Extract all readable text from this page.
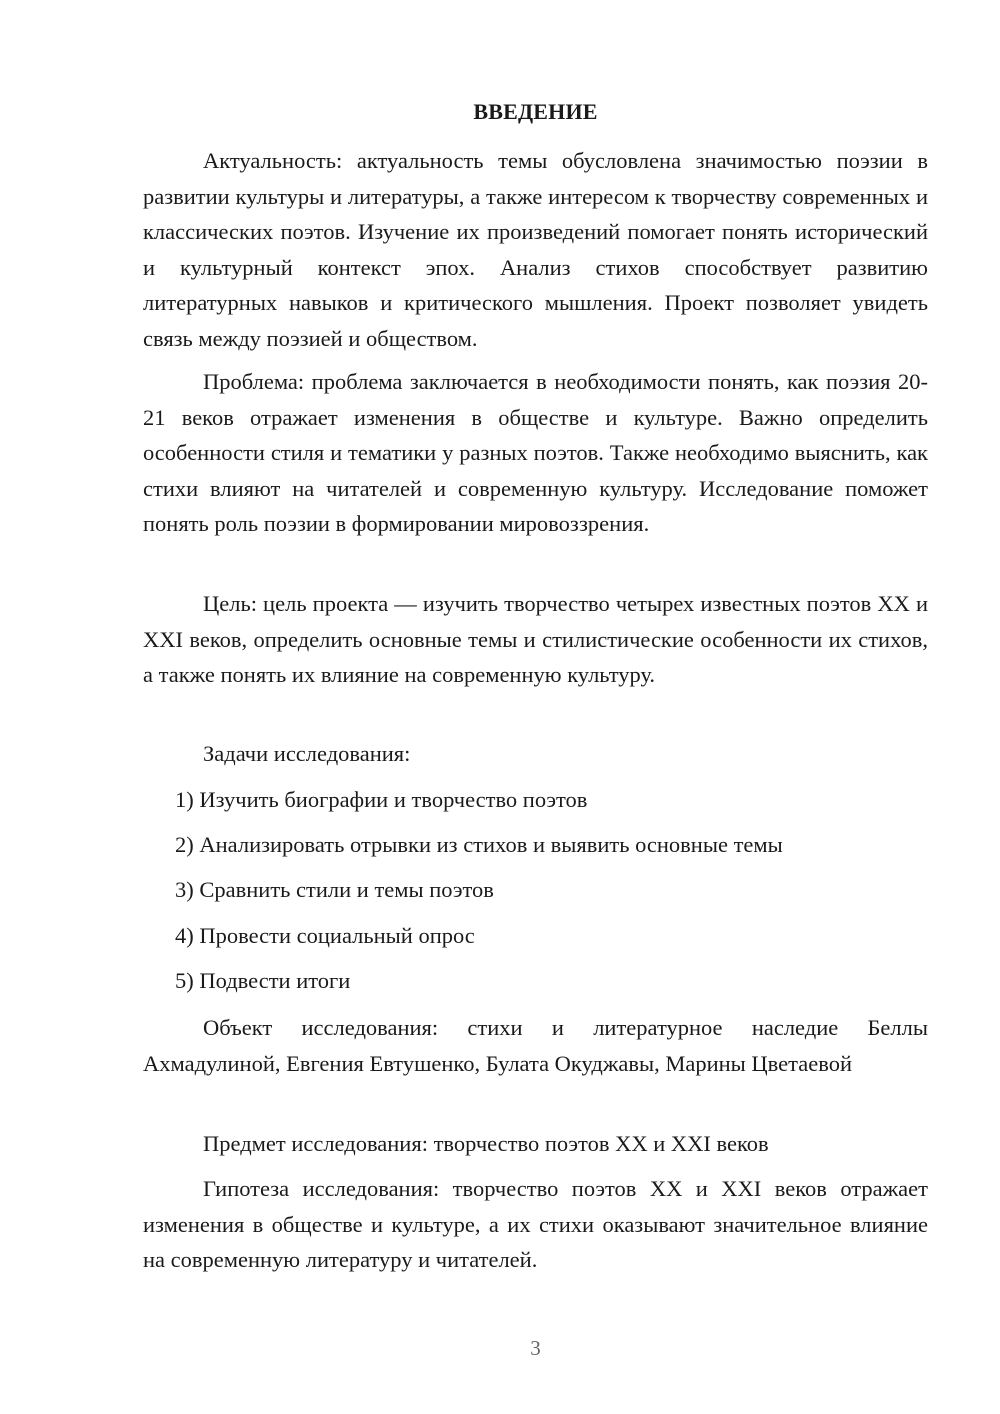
ВВЕДЕНИЕ

Актуальность: актуальность темы обусловлена значимостью поэзии в развитии культуры и литературы, а также интересом к творчеству современных и классических поэтов. Изучение их произведений помогает понять исторический и культурный контекст эпох. Анализ стихов способствует развитию литературных навыков и критического мышления. Проект позволяет увидеть связь между поэзией и обществом.

Проблема: проблема заключается в необходимости понять, как поэзия 20-21 веков отражает изменения в обществе и культуре. Важно определить особенности стиля и тематики у разных поэтов. Также необходимо выяснить, как стихи влияют на читателей и современную культуру. Исследование поможет понять роль поэзии в формировании мировоззрения.

Цель: цель проекта — изучить творчество четырех известных поэтов XX и XXI веков, определить основные темы и стилистические особенности их стихов, а также понять их влияние на современную культуру.

Задачи исследования:
1) Изучить биографии и творчество поэтов
2) Анализировать отрывки из стихов и выявить основные темы
3) Сравнить стили и темы поэтов
4) Провести социальный опрос
5) Подвести итоги

Объект исследования: стихи и литературное наследие Беллы Ахмадулиной, Евгения Евтушенко, Булата Окуджавы, Марины Цветаевой

Предмет исследования: творчество поэтов XX и XXI веков

Гипотеза исследования: творчество поэтов XX и XXI веков отражает изменения в обществе и культуре, а их стихи оказывают значительное влияние на современную литературу и читателей.

3
